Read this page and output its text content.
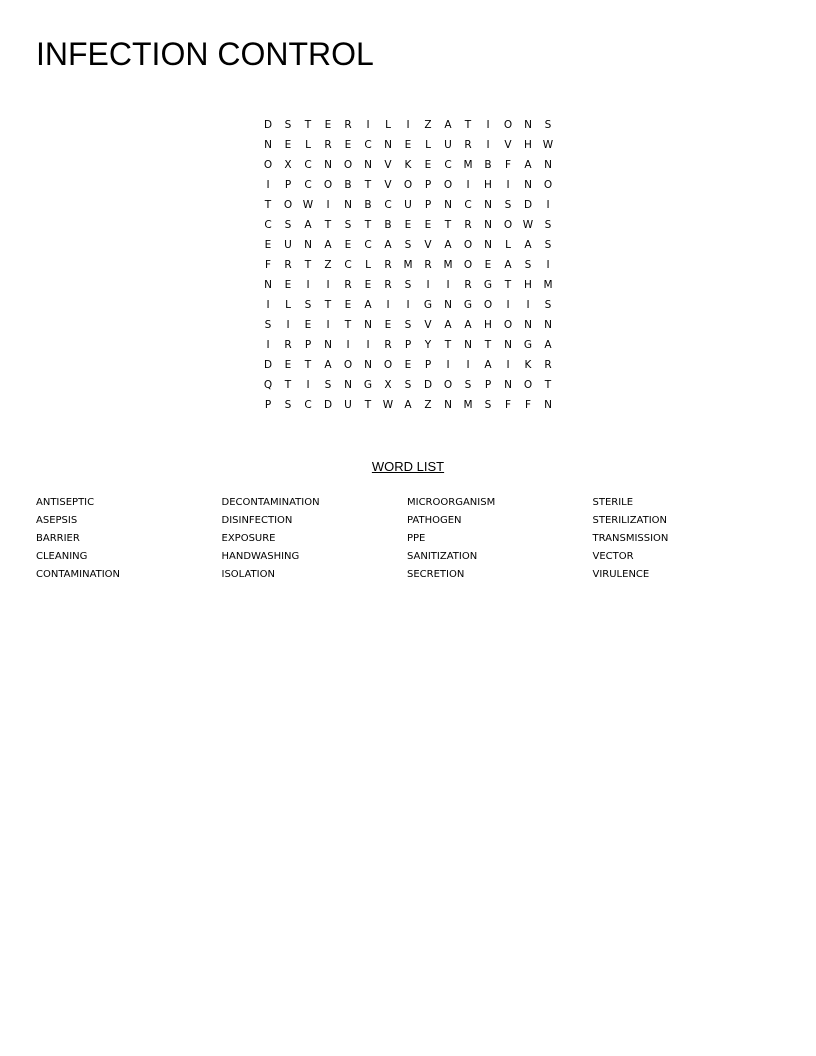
INFECTION CONTROL
D	S	T	E	R	I	L	I	Z	A	T	I	O	N	S
N	E	L	R	E	C	N	E	L	U	R	I	V	H	W
O	X	C	N	O	N	V	K	E	C	M	B	F	A	N
I	P	C	O	B	T	V	O	P	O	I	H	I	N	O
T	O	W	I	N	B	C	U	P	N	C	N	S	D	I
C	S	A	T	S	T	B	E	E	T	R	N	O	W	S
E	U	N	A	E	C	A	S	V	A	O	N	L	A	S
F	R	T	Z	C	L	R	M	R	M	O	E	A	S	I
N	E	I	I	R	E	R	S	I	I	R	G	T	H	M
I	L	S	T	E	A	I	I	G	N	G	O	I	I	S
S	I	E	I	T	N	E	S	V	A	A	H	O	N	N
I	R	P	N	I	I	R	P	Y	T	N	T	N	G	A
D	E	T	A	O	N	O	E	P	I	I	A	I	K	R
Q	T	I	S	N	G	X	S	D	O	S	P	N	O	T
P	S	C	D	U	T	W	A	Z	N	M	S	F	F	N
WORD LIST
ANTISEPTIC
ASEPSIS
BARRIER
CLEANING
CONTAMINATION
DECONTAMINATION
DISINFECTION
EXPOSURE
HANDWASHING
ISOLATION
MICROORGANISM
PATHOGEN
PPE
SANITIZATION
SECRETION
STERILE
STERILIZATION
TRANSMISSION
VECTOR
VIRULENCE
